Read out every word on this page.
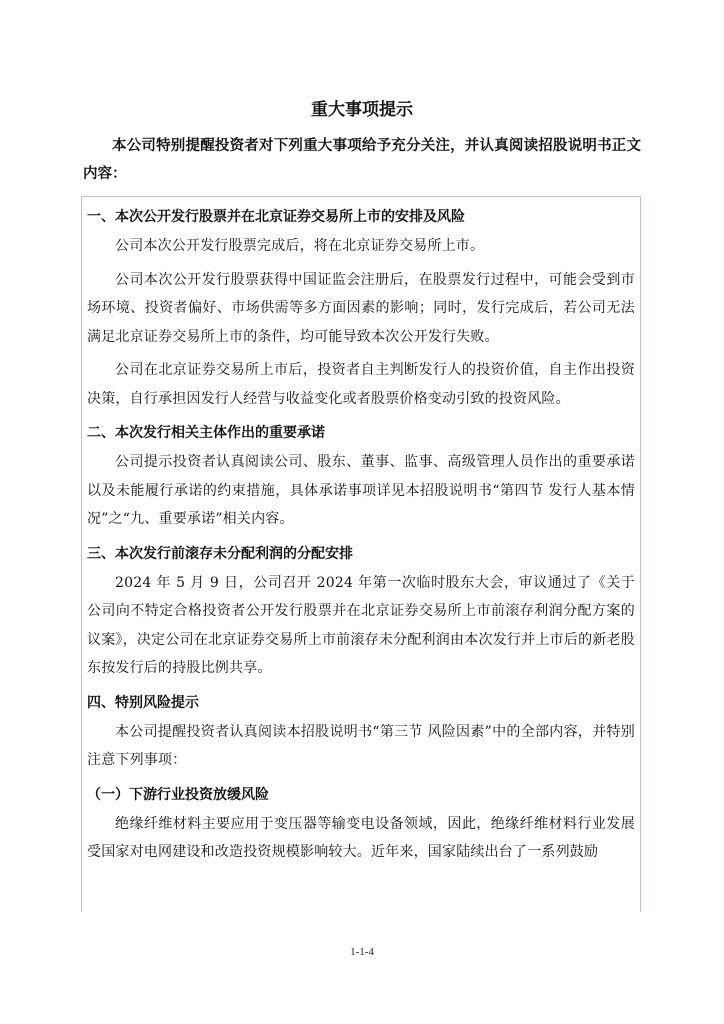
重大事项提示
本公司特别提醒投资者对下列重大事项给予充分关注，并认真阅读招股说明书正文内容：

一、本次公开发行股票并在北京证券交易所上市的安排及风险

公司本次公开发行股票完成后，将在北京证券交易所上市。

公司本次公开发行股票获得中国证监会注册后，在股票发行过程中，可能会受到市场环境、投资者偏好、市场供需等多方面因素的影响；同时，发行完成后，若公司无法满足北京证券交易所上市的条件，均可能导致本次公开发行失败。

公司在北京证券交易所上市后，投资者自主判断发行人的投资价值，自主作出投资决策，自行承担因发行人经营与收益变化或者股票价格变动引致的投资风险。

二、本次发行相关主体作出的重要承诺

公司提示投资者认真阅读公司、股东、董事、监事、高级管理人员作出的重要承诺以及未能履行承诺的约束措施，具体承诺事项详见本招股说明书“第四节 发行人基本情况”之“九、重要承诺”相关内容。

三、本次发行前滚存未分配利润的分配安排

2024 年 5 月 9 日，公司召开 2024 年第一次临时股东大会，审议通过了《关于公司向不特定合格投资者公开发行股票并在北京证券交易所上市前滚存利润分配方案的议案》，决定公司在北京证券交易所上市前滚存未分配利润由本次发行并上市后的新老股东按发行后的持股比例共享。

四、特别风险提示

本公司提醒投资者认真阅读本招股说明书“第三节 风险因素”中的全部内容，并特别注意下列事项：

（一）下游行业投资放缓风险

绝缘纤维材料主要应用于变压器等输变电设备领域，因此，绝缘纤维材料行业发展受国家对电网建设和改造投资规模影响较大。近年来，国家陆续出台了一系列鼓励

1-1-4
